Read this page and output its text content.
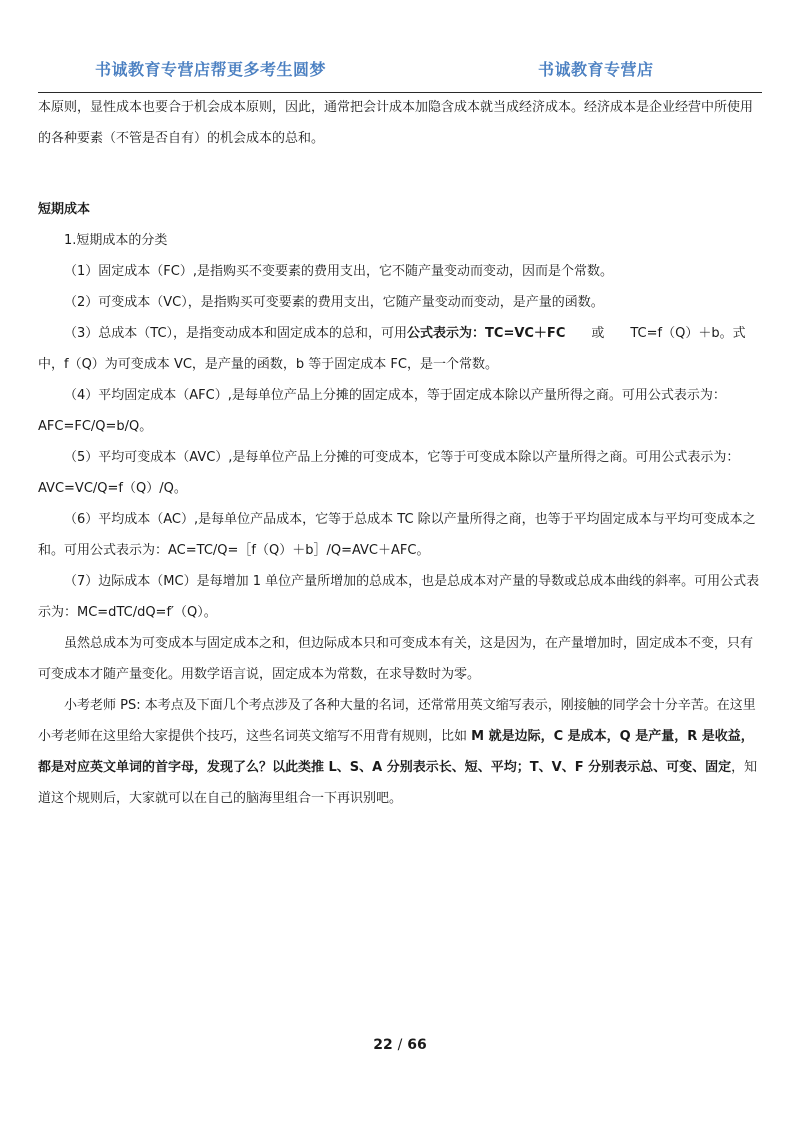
书诚教育专营店帮更多考生圆梦	书诚教育专营店

本原则，显性成本也要合于机会成本原则，因此，通常把会计成本加隐含成本就当成经济成本。经济成本是企业经营中所使用的各种要素（不管是否自有）的机会成本的总和。

短期成本

1.短期成本的分类

（1）固定成本（FC）,是指购买不变要素的费用支出，它不随产量变动而变动，因而是个常数。

（2）可变成本（VC），是指购买可变要素的费用支出，它随产量变动而变动，是产量的函数。

（3）总成本（TC），是指变动成本和固定成本的总和，可用公式表示为：TC=VC＋FC　　或　　TC=f（Q）＋b。式中，f（Q）为可变成本 VC，是产量的函数，b 等于固定成本 FC，是一个常数。

（4）平均固定成本（AFC）,是每单位产品上分摊的固定成本，等于固定成本除以产量所得之商。可用公式表示为：AFC=FC/Q=b/Q。

（5）平均可变成本（AVC）,是每单位产品上分摊的可变成本，它等于可变成本除以产量所得之商。可用公式表示为：AVC=VC/Q=f（Q）/Q。

（6）平均成本（AC）,是每单位产品成本，它等于总成本 TC 除以产量所得之商，也等于平均固定成本与平均可变成本之和。可用公式表示为：AC=TC/Q=［f（Q）＋b］/Q=AVC＋AFC。

（7）边际成本（MC）是每增加 1 单位产量所增加的总成本，也是总成本对产量的导数或总成本曲线的斜率。可用公式表示为：MC=dTC/dQ=f′（Q）。

虽然总成本为可变成本与固定成本之和，但边际成本只和可变成本有关，这是因为，在产量增加时，固定成本不变，只有可变成本才随产量变化。用数学语言说，固定成本为常数，在求导数时为零。

小考老师 PS: 本考点及下面几个考点涉及了各种大量的名词，还常常用英文缩写表示，刚接触的同学会十分辛苦。在这里小考老师在这里给大家提供个技巧，这些名词英文缩写不用背有规则，比如 M 就是边际，C 是成本，Q 是产量，R 是收益，都是对应英文单词的首字母，发现了么？以此类推 L、S、A 分别表示长、短、平均；T、V、F 分别表示总、可变、固定，知道这个规则后，大家就可以在自己的脑海里组合一下再识别吧。

22 / 66
